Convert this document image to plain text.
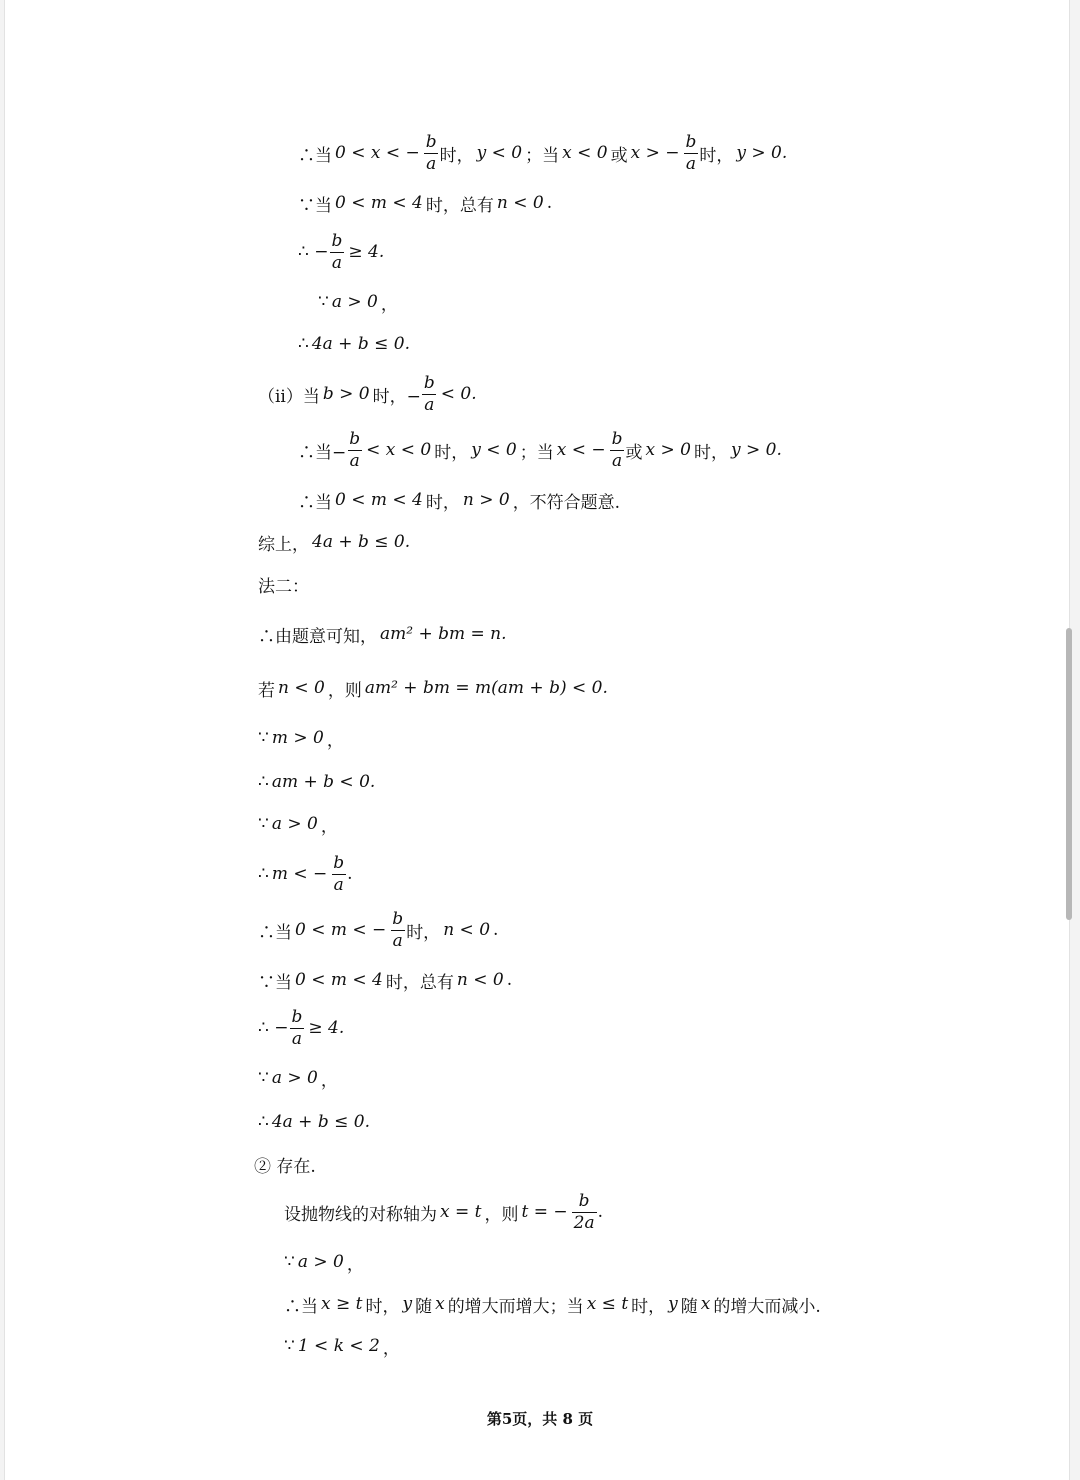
第5页，共 8 页
∴当 0 < x < − $\frac{b}{a}$ 时， y < 0 ；当 x < 0 或 x > − $\frac{b}{a}$ 时， y > 0.
∵当 0 < m < 4 时，总有 n < 0 .
∴ − $\frac{b}{a} \ge 4$.
∵ a > 0 ，
∴ 4a + b ≤ 0.
（ii）当 b > 0 时，− $\frac{b}{a} < 0$.
∴当− $\frac{b}{a} < x < 0$ 时， y < 0 ；当 x < − $\frac{b}{a}$ 或 x > 0 时， y > 0.
∴当 0 < m < 4 时， n > 0 ，不符合题意.
综上， 4a + b ≤ 0.
法二：
∴由题意可知， am² + bm = n.
若 n < 0 ，则 am² + bm = m(am + b) < 0.
∵ m > 0 ，
∴ am + b < 0.
∵ a > 0 ，
∴ m < − $\frac{b}{a}$ .
∴当 0 < m < − $\frac{b}{a}$ 时， n < 0 .
∵当 0 < m < 4 时，总有 n < 0 .
∴ − $\frac{b}{a} \ge 4$.
∵ a > 0 ，
∴ 4a + b ≤ 0.
② 存在.
设抛物线的对称轴为 x = t ，则 t = − $\frac{b}{2a}$ .
∵ a > 0 ，
∴当 x ≥ t 时， y 随 x 的增大而增大；当 x ≤ t 时， y 随 x 的增大而减小.
∵ 1 < k < 2 ，
